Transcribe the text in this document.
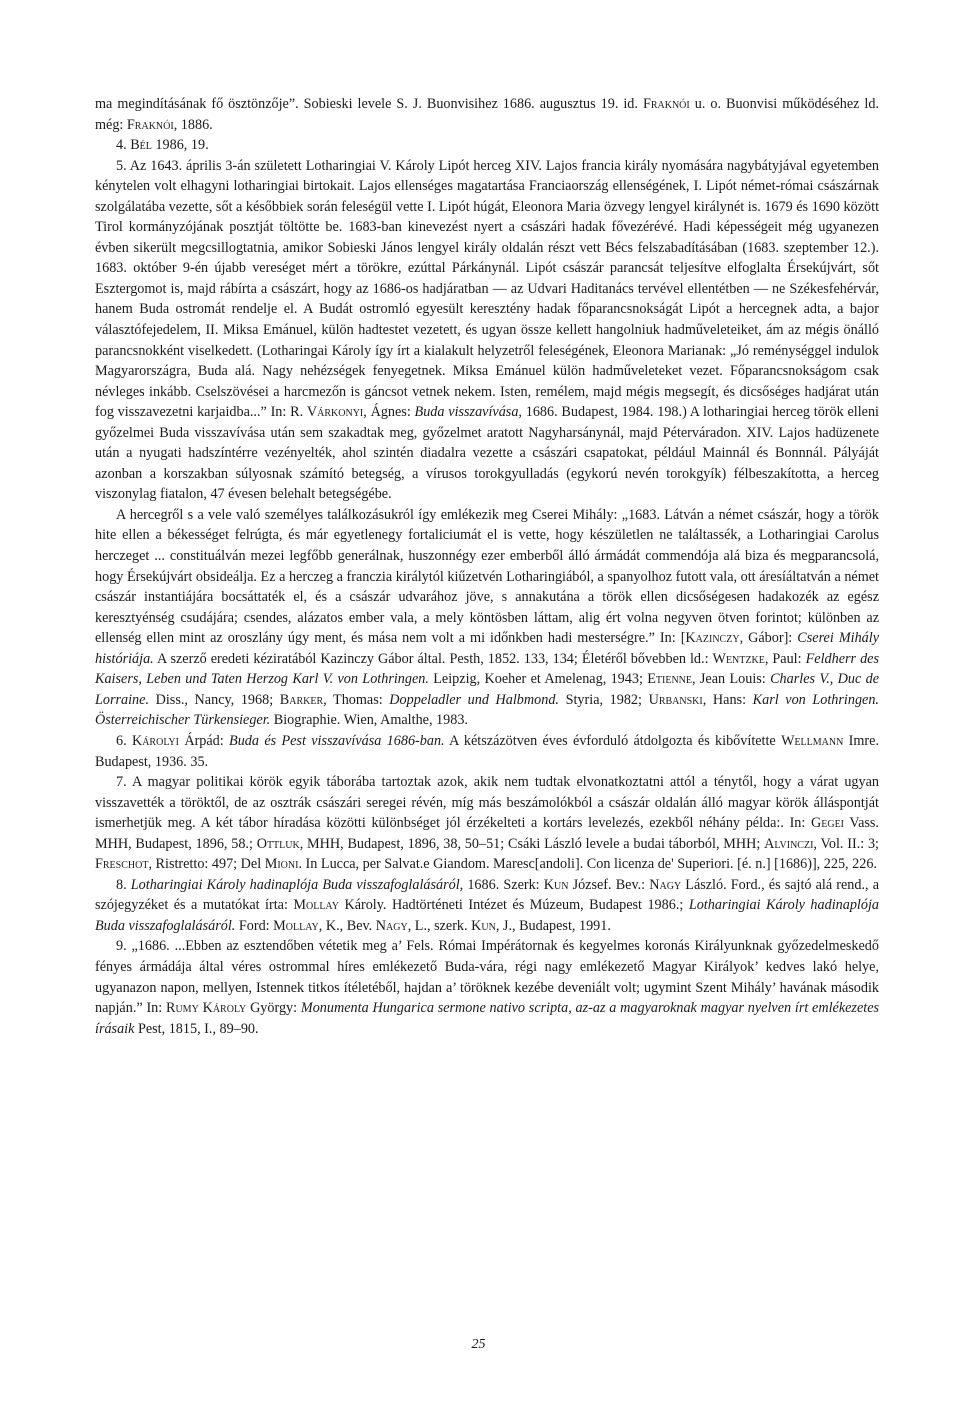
ma megindításának fő ösztönzője”. Sobieski levele S. J. Buonvisihez 1686. augusztus 19. id. Fraknói u. o. Buonvisi működéséhez ld. még: Fraknói, 1886.

4. Bél 1986, 19.

5. Az 1643. április 3-án született Lotharingiai V. Károly Lipót herceg XIV. Lajos francia király nyomására nagybátyjával egyetemben kénytelen volt elhagyni lotharingiai birtokait. Lajos ellenséges magatartása Franciaország ellenségének, I. Lipót német-római császárnak szolgálatába vezette, sőt a későbbiek során feleségül vette I. Lipót húgát, Eleonora Maria özvegy lengyel királynét is. 1679 és 1690 között Tirol kormányzójának posztját töltötte be. 1683-ban kinevezést nyert a császári hadak fővezérévé. Hadi képességeit még ugyanezen évben sikerült megcsillogtatnia, amikor Sobieski János lengyel király oldalán részt vett Bécs felszabadításában (1683. szeptember 12.). 1683. október 9-én újabb vereséget mért a törökre, ezúttal Párkánynál. Lipót császár parancsát teljesítve elfoglalta Érsekújvárt, sőt Esztergomot is, majd rábírta a császárt, hogy az 1686-os hadjáratban — az Udvari Haditanács tervével ellentétben — ne Székesfehérvár, hanem Buda ostromát rendelje el. A Budát ostromló egyesült keresztény hadak főparancsnokságát Lipót a hercegnek adta, a bajor választófejedelem, II. Miksa Emánuel, külön hadtestet vezetett, és ugyan össze kellett hangolniuk hadműveleteiket, ám az mégis önálló parancsnokként viselkedett. (Lotharingai Károly így írt a kialakult helyzetről feleségének, Eleonora Marianak: „Jó reménységgel indulok Magyarországra, Buda alá. Nagy nehézségek fenyegetnek. Miksa Emánuel külön hadműveleteket vezet. Főparancsnokságom csak névleges inkább. Cselszövései a harcmezőn is gáncsot vetnek nekem. Isten, remélem, majd mégis megsegít, és dicsőséges hadjárat után fog visszavezetni karjaidba...” In: R. Várkonyi, Ágnes: Buda visszavívása, 1686. Budapest, 1984. 198.) A lotharingiai herceg török elleni győzelmei Buda visszavívása után sem szakadtak meg, győzelmet aratott Nagyharsánynál, majd Péterváradon. XIV. Lajos hadüzenete után a nyugati hadszíntérre vezényelték, ahol szintén diadalra vezette a császári csapatokat, például Mainnál és Bonnnál. Pályáját azonban a korszakban súlyosnak számító betegség, a vírusos torokgyulladás (egykorú nevén torokgyík) félbeszakította, a herceg viszonylag fiatalon, 47 évesen belehalt betegségébe.

A hercegről s a vele való személyes találkozásukról így emlékezik meg Cserei Mihály: „1683. Látván a német császár, hogy a török hite ellen a békességet felrúgta, és már egyetlenegy fortaliciumát el is vette, hogy készületlen ne találtassék, a Lotharingiai Carolus herczeget ... constituálván mezei legfőbb generálnak, huszonnégy ezer emberből álló ármádát commendója alá biza és megparancsolá, hogy Érsekújvárt obsideálja. Ez a herczeg a franczia királytól kiűzetvén Lotharingiából, a spanyolhoz futott vala, ott áresíáltatván a német császár instantiájára bocsáttaték el, és a császár udvarához jöve, s annakutána a török ellen dicsőségesen hadakozék az egész keresztyénség csudájára; csendes, alázatos ember vala, a mely köntösben láttam, alig ért volna negyven ötven forintot; különben az ellenség ellen mint az oroszlány úgy ment, és mása nem volt a mi időnkben hadi mesterségre.” In: [Kazinczy, Gábor]: Cserei Mihály históriája. A szerző eredeti kéziratából Kazinczy Gábor által. Pesth, 1852. 133, 134; Életéről bővebben ld.: Wentzke, Paul: Feldherr des Kaisers, Leben und Taten Herzog Karl V. von Lothringen. Leipzig, Koeher et Amelenag, 1943; Etienne, Jean Louis: Charles V., Duc de Lorraine. Diss., Nancy, 1968; Barker, Thomas: Doppeladler und Halbmond. Styria, 1982; Urbanski, Hans: Karl von Lothringen. Österreichischer Türkensieger. Biographie. Wien, Amalthe, 1983.

6. Károlyi Árpád: Buda és Pest visszavívása 1686-ban. A kétszázötven éves évforduló átdolgozta és kibővítette Wellmann Imre. Budapest, 1936. 35.

7. A magyar politikai körök egyik táborába tartoztak azok, akik nem tudtak elvonatkoztatni attól a ténytől, hogy a várat ugyan visszavették a töröktől, de az osztrák császári seregei révén, míg más beszámolókból a császár oldalán álló magyar körök álláspontját ismerhetjük meg. A két tábor híradása közötti különbséget jól érzékelteti a kortárs levelezés, ezekből néhány példa:. In: Gegei Vass. MHH, Budapest, 1896, 58.; Ottluk, MHH, Budapest, 1896, 38, 50–51; Csáki László levele a budai táborból, MHH; Alvinczi, Vol. II.: 3; Freschot, Ristretto: 497; Del Mioni. In Lucca, per Salvat.e Giandom. Maresc[andoli]. Con licenza de' Superiori. [é. n.] [1686)], 225, 226.

8. Lotharingiai Károly hadinaplója Buda visszafoglalásáról, 1686. Szerk: Kun József. Bev.: Nagy László. Ford., és sajtó alá rend., a szójegyzéket és a mutatókat írta: Mollay Károly. Hadtörténeti Intézet és Múzeum, Budapest 1986.; Lotharingiai Károly hadinaplója Buda visszafoglalásáról. Ford: Mollay, K., Bev. Nagy, L., szerk. Kun, J., Budapest, 1991.

9. „1686. ...Ebben az esztendőben vétetik meg a’ Fels. Római Impérátornak és kegyelmes koronás Királyunknak győzedelmeskedő fényes ármádája által véres ostrommal híres emlékezető Buda-vára, régi nagy emlékezető Magyar Királyok’ kedves lakó helye, ugyanazon napon, mellyen, Istennek titkos ítéletéből, hajdan a’ töröknek kezébe deveniált volt; ugymint Szent Mihály’ havának második napján.” In: Rumy Károly György: Monumenta Hungarica sermone nativo scripta, az-az a magyaroknak magyar nyelven írt emlékezetes írásaik Pest, 1815, I., 89–90.

25
